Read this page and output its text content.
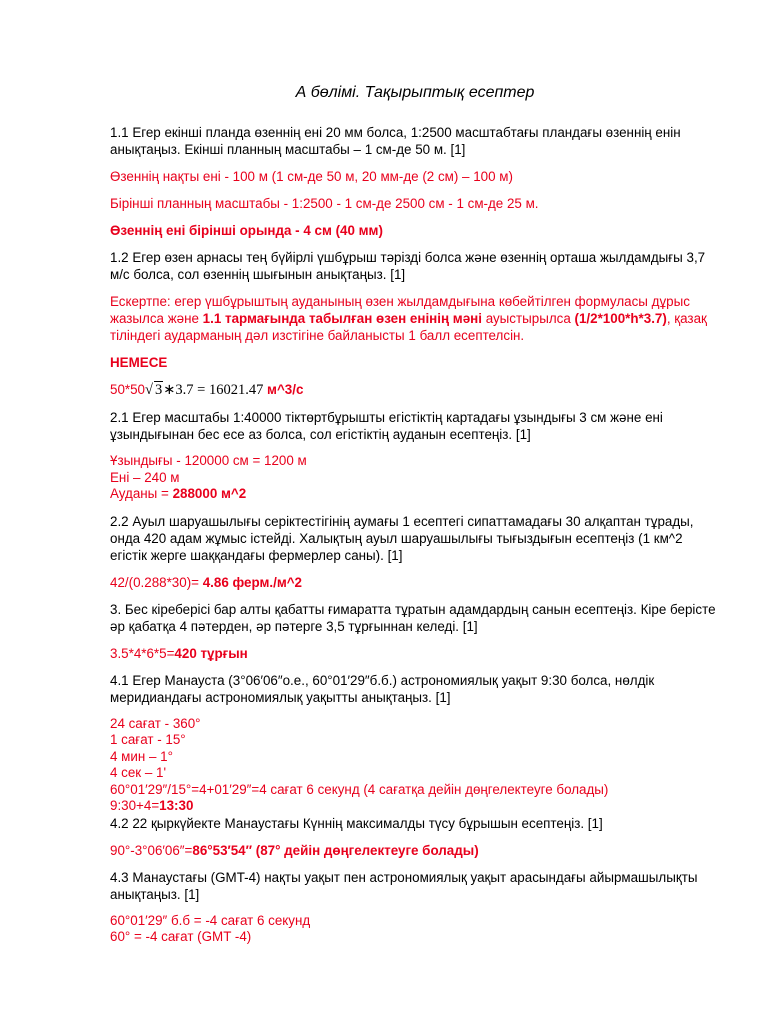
А бөлімі. Тақырыптық есептер

1.1 Егер екінші планда өзеннің ені 20 мм болса, 1:2500 масштабтағы пландағы өзеннің енін анықтаңыз. Екінші планның масштабы – 1 см-де 50 м. [1]

Өзеннің нақты ені - 100 м (1 см-де 50 м, 20 мм-де (2 см) – 100 м)

Бірінші планның масштабы - 1:2500 - 1 см-де 2500 см - 1 см-де 25 м.

Өзеннің ені бірінші орында - 4 см (40 мм)

1.2 Егер өзен арнасы тең бүйірлі үшбұрыш тәрізді болса және өзеннің орташа жылдамдығы 3,7 м/с болса, сол өзеннің шығынын анықтаңыз. [1]

Ескертпе: егер үшбұрыштың ауданының өзен жылдамдығына көбейтілген формуласы дұрыс жазылса және 1.1 тармағында табылған өзен енінің мәні ауыстырылса (1/2*100*h*3.7), қазақ тіліндегі аударманың дәл изстігіне байланысты 1 балл есептелсін.

НЕМЕСЕ

50*50√ 3∗3.7 = 16021.47 м^3/с

2.1 Егер масштабы 1:40000 тіктөртбұрышты егістіктің картадағы ұзындығы 3 см және ені ұзындығынан бес есе аз болса, сол егістіктің ауданын есептеңіз. [1]

Ұзындығы - 120000 см = 1200 м
Ені – 240 м
Ауданы = 288000 м^2

2.2 Ауыл шаруашылығы серіктестігінің аумағы 1 есептегі сипаттамадағы 30 алқаптан тұрады, онда 420 адам жұмыс істейді. Халықтың ауыл шаруашылығы тығыздығын есептеңіз (1 км^2 егістік жерге шаққандағы фермерлер саны). [1]

42/(0.288*30)= 4.86 ферм./м^2

3. Бес кіреберісі бар алты қабатты ғимаратта тұратын адамдардың санын есептеңіз. Кіре берісте әр қабатқа 4 пәтерден, әр пәтерге 3,5 тұрғыннан келеді. [1]

3.5*4*6*5=420 тұрғын

4.1 Егер Манауста (3°06′06″о.е., 60°01′29″б.б.) астрономиялық уақыт 9:30 болса, нөлдік меридиандағы астрономиялық уақытты анықтаңыз. [1]

24 сағат - 360°
1 сағат - 15°
4 мин – 1°
4 сек – 1ʹ
60°01′29″/15°=4+01′29″=4 сағат 6 секунд (4 сағатқа дейін дөңгелектеуге болады)
9:30+4=13:30

4.2 22 қыркүйекте Манаустағы Күннің максималды түсу бұрышын есептеңіз. [1]

90°-3°06′06″=86°53′54″ (87° дейін дөңгелектеуге болады)

4.3 Манаустағы (GMT-4) нақты уақыт пен астрономиялық уақыт арасындағы айырмашылықты анықтаңыз. [1]

60°01′29″ б.б = -4 сағат 6 секунд
60° = -4 сағат (GMT -4)
